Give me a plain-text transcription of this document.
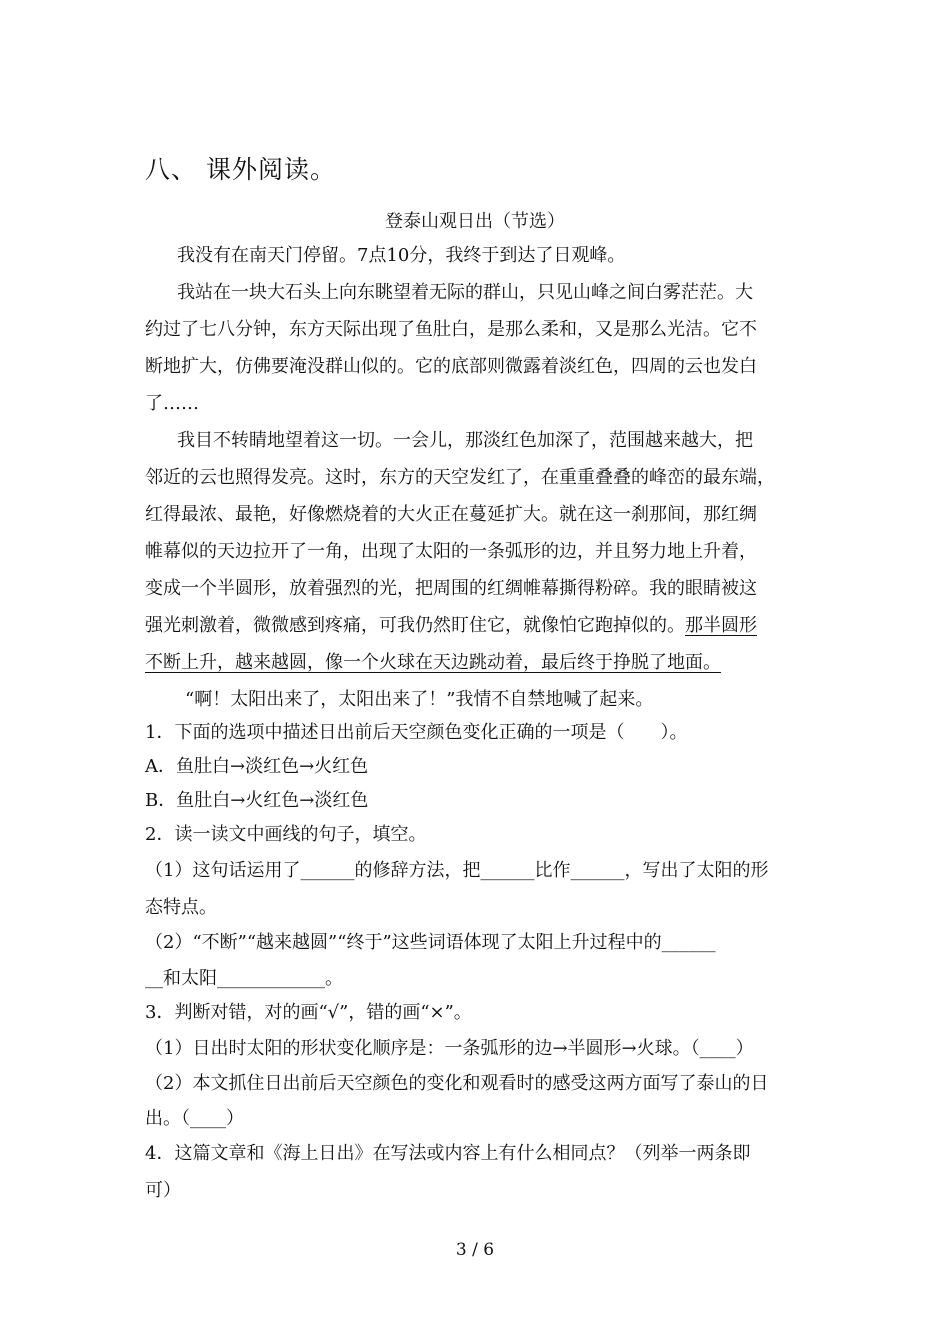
八、 课外阅读。
登泰山观日出（节选）
我没有在南天门停留。7点10分，我终于到达了日观峰。
我站在一块大石头上向东眺望着无际的群山，只见山峰之间白雾茫茫。大
约过了七八分钟，东方天际出现了鱼肚白，是那么柔和，又是那么光洁。它不
断地扩大，仿佛要淹没群山似的。它的底部则微露着淡红色，四周的云也发白
了……
我目不转睛地望着这一切。一会儿，那淡红色加深了，范围越来越大，把
邻近的云也照得发亮。这时，东方的天空发红了，在重重叠叠的峰峦的最东端，
红得最浓、最艳，好像燃烧着的大火正在蔓延扩大。就在这一刹那间，那红绸
帷幕似的天边拉开了一角，出现了太阳的一条弧形的边，并且努力地上升着，
变成一个半圆形，放着强烈的光，把周围的红绸帷幕撕得粉碎。我的眼睛被这
强光刺激着，微微感到疼痛，可我仍然盯住它，就像怕它跑掉似的。那半圆形
不断上升，越来越圆，像一个火球在天边跳动着，最后终于挣脱了地面。
“啊！太阳出来了，太阳出来了！”我情不自禁地喊了起来。
1．下面的选项中描述日出前后天空颜色变化正确的一项是（　　）。
A．鱼肚白→淡红色→火红色
B．鱼肚白→火红色→淡红色
2．读一读文中画线的句子，填空。
（1）这句话运用了______的修辞方法，把______比作______，写出了太阳的形
态特点。
（2）“不断”“越来越圆”“终于”这些词语体现了太阳上升过程中的______
__和太阳____________。
3．判断对错，对的画“√”，错的画“×”。
（1）日出时太阳的形状变化顺序是：一条弧形的边→半圆形→火球。（____）
（2）本文抓住日出前后天空颜色的变化和观看时的感受这两方面写了泰山的日
出。（____）
4．这篇文章和《海上日出》在写法或内容上有什么相同点？（列举一两条即
可）
3 / 6
